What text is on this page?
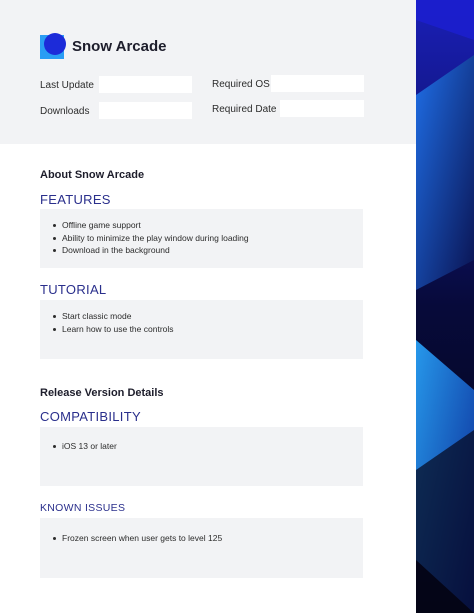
Snow Arcade
Last Update
Downloads
Required OS
Required Date
About Snow Arcade
FEATURES
Offline game support
Ability to minimize the play window during loading
Download in the background
TUTORIAL
Start classic mode
Learn how to use the controls
Release Version Details
COMPATIBILITY
iOS 13 or later
KNOWN ISSUES
Frozen screen when user gets to level 125
